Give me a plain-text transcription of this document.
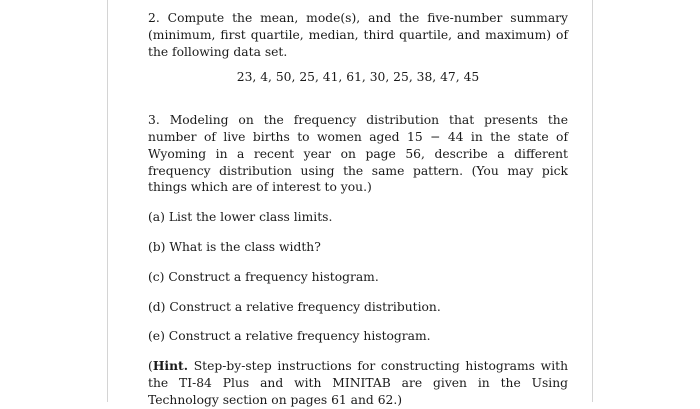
2. Compute the mean, mode(s), and the five-number summary (minimum, first quartile, median, third quartile, and maximum) of the following data set.

23, 4, 50, 25, 41, 61, 30, 25, 38, 47, 45

3. Modeling on the frequency distribution that presents the number of live births to women aged 15 − 44 in the state of Wyoming in a recent year on page 56, describe a different frequency distribution using the same pattern. (You may pick things which are of interest to you.)

(a) List the lower class limits.

(b) What is the class width?

(c) Construct a frequency histogram.

(d) Construct a relative frequency distribution.

(e) Construct a relative frequency histogram.

(Hint. Step-by-step instructions for constructing histograms with the TI-84 Plus and with MINITAB are given in the Using Technology section on pages 61 and 62.)
